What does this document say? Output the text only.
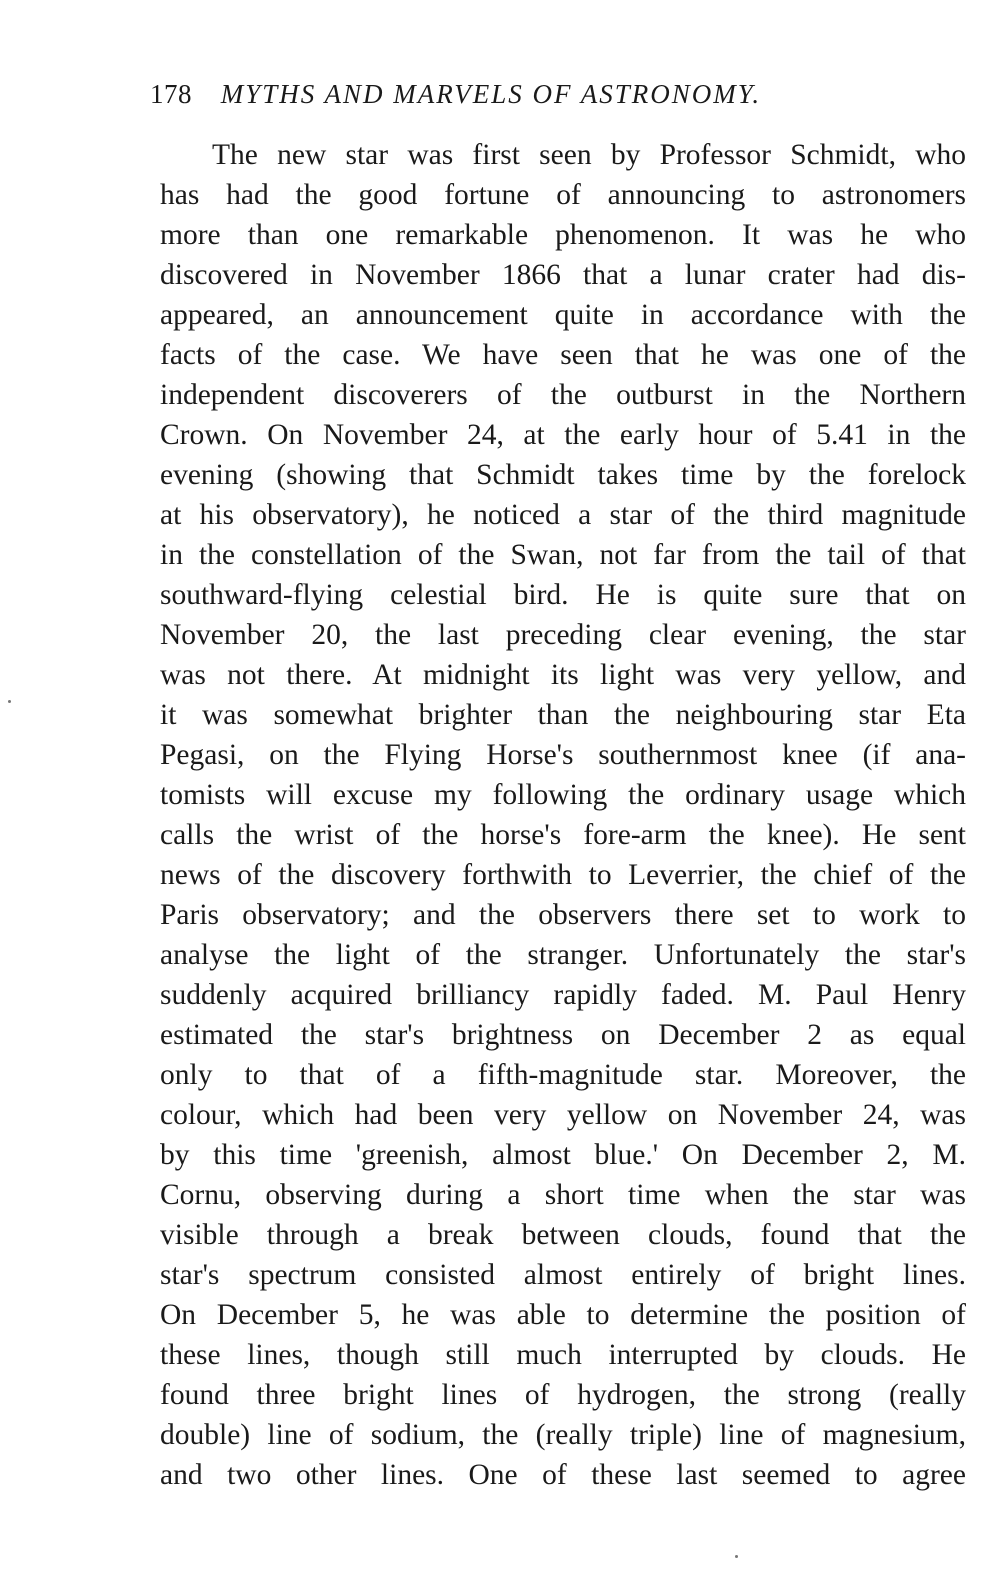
178 MYTHS AND MARVELS OF ASTRONOMY.
The new star was first seen by Professor Schmidt, who
has had the good fortune of announcing to astronomers
more than one remarkable phenomenon. It was he who
discovered in November 1866 that a lunar crater had dis-
appeared, an announcement quite in accordance with the
facts of the case. We have seen that he was one of the
independent discoverers of the outburst in the Northern
Crown. On November 24, at the early hour of 5.41 in the
evening (showing that Schmidt takes time by the forelock
at his observatory), he noticed a star of the third magnitude
in the constellation of the Swan, not far from the tail of that
southward-flying celestial bird. He is quite sure that on
November 20, the last preceding clear evening, the star
was not there. At midnight its light was very yellow, and
it was somewhat brighter than the neighbouring star Eta
Pegasi, on the Flying Horse's southernmost knee (if ana-
tomists will excuse my following the ordinary usage which
calls the wrist of the horse's fore-arm the knee). He sent
news of the discovery forthwith to Leverrier, the chief of the
Paris observatory; and the observers there set to work to
analyse the light of the stranger. Unfortunately the star's
suddenly acquired brilliancy rapidly faded. M. Paul Henry
estimated the star's brightness on December 2 as equal
only to that of a fifth-magnitude star. Moreover, the
colour, which had been very yellow on November 24, was
by this time 'greenish, almost blue.' On December 2, M.
Cornu, observing during a short time when the star was
visible through a break between clouds, found that the
star's spectrum consisted almost entirely of bright lines.
On December 5, he was able to determine the position of
these lines, though still much interrupted by clouds. He
found three bright lines of hydrogen, the strong (really
double) line of sodium, the (really triple) line of magnesium,
and two other lines. One of these last seemed to agree
